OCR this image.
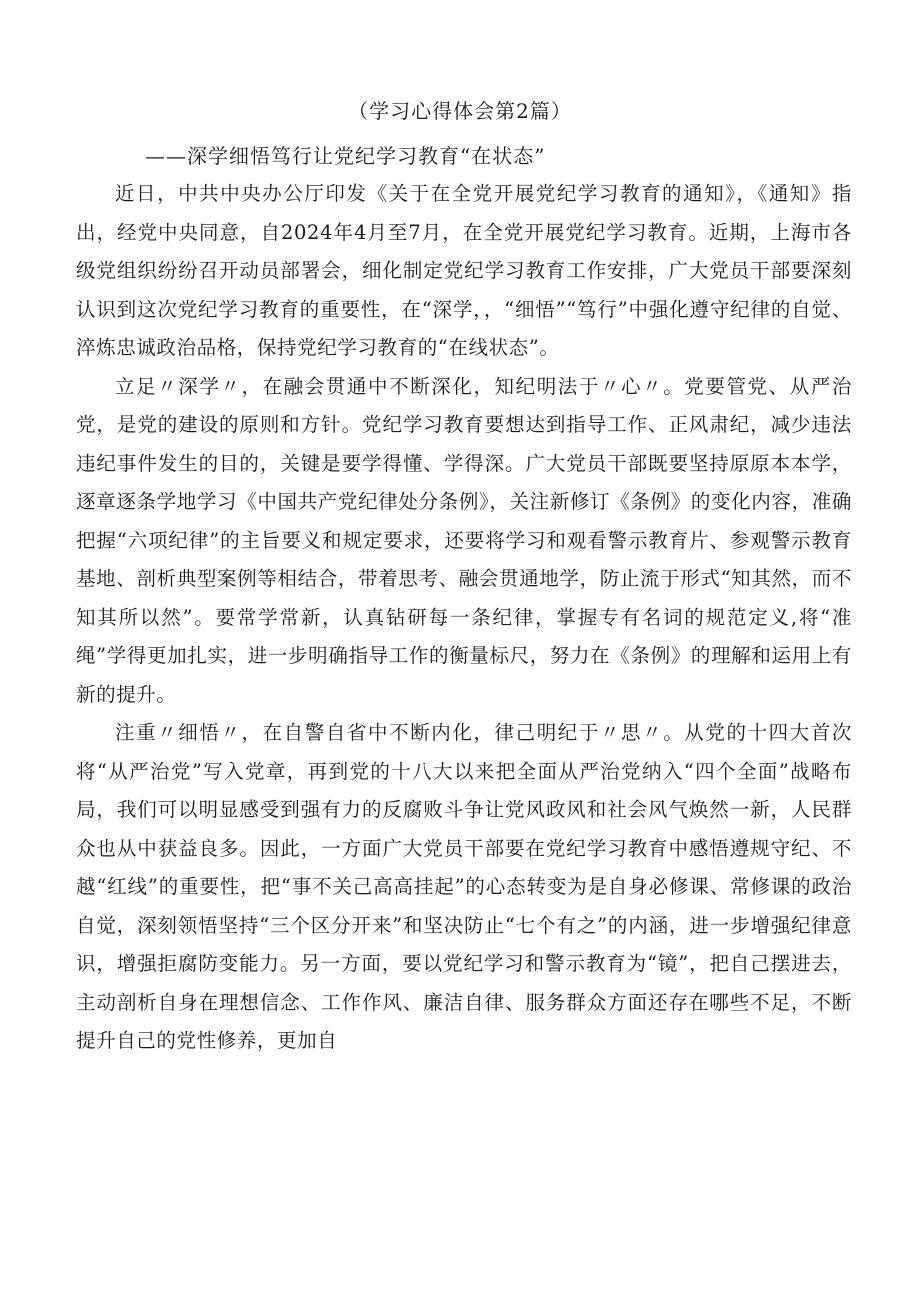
（学习心得体会第2篇）

——深学细悟笃行让党纪学习教育“在状态”

近日，中共中央办公厅印发《关于在全党开展党纪学习教育的通知》，《通知》指出，经党中央同意，自2024年4月至7月，在全党开展党纪学习教育。近期，上海市各级党组织纷纷召开动员部署会，细化制定党纪学习教育工作安排，广大党员干部要深刻认识到这次党纪学习教育的重要性，在“深学，，“细悟”“笃行”中强化遵守纪律的自觉、淬炼忠诚政治品格，保持党纪学习教育的“在线状态”。

立足〃深学〃，在融会贯通中不断深化，知纪明法于〃心〃。党要管党、从严治党，是党的建设的原则和方针。党纪学习教育要想达到指导工作、正风肃纪，减少违法违纪事件发生的目的，关键是要学得懂、学得深。广大党员干部既要坚持原原本本学，逐章逐条学地学习《中国共产党纪律处分条例》，关注新修订《条例》的变化内容，准确把握“六项纪律”的主旨要义和规定要求，还要将学习和观看警示教育片、参观警示教育基地、剖析典型案例等相结合，带着思考、融会贯通地学，防止流于形式“知其然，而不知其所以然”。要常学常新，认真钻研每一条纪律，掌握专有名词的规范定义,将“准绳”学得更加扎实，进一步明确指导工作的衡量标尺，努力在《条例》的理解和运用上有新的提升。

注重〃细悟〃，在自警自省中不断内化，律己明纪于〃思〃。从党的十四大首次将“从严治党”写入党章，再到党的十八大以来把全面从严治党纳入“四个全面”战略布局，我们可以明显感受到强有力的反腐败斗争让党风政风和社会风气焕然一新，人民群众也从中获益良多。因此，一方面广大党员干部要在党纪学习教育中感悟遵规守纪、不越“红线”的重要性，把“事不关己高高挂起”的心态转变为是自身必修课、常修课的政治自觉，深刻领悟坚持“三个区分开来”和坚决防止“七个有之”的内涵，进一步增强纪律意识，增强拒腐防变能力。另一方面，要以党纪学习和警示教育为“镜”，把自己摆进去，主动剖析自身在理想信念、工作作风、廉洁自律、服务群众方面还存在哪些不足，不断提升自己的党性修养，更加自
